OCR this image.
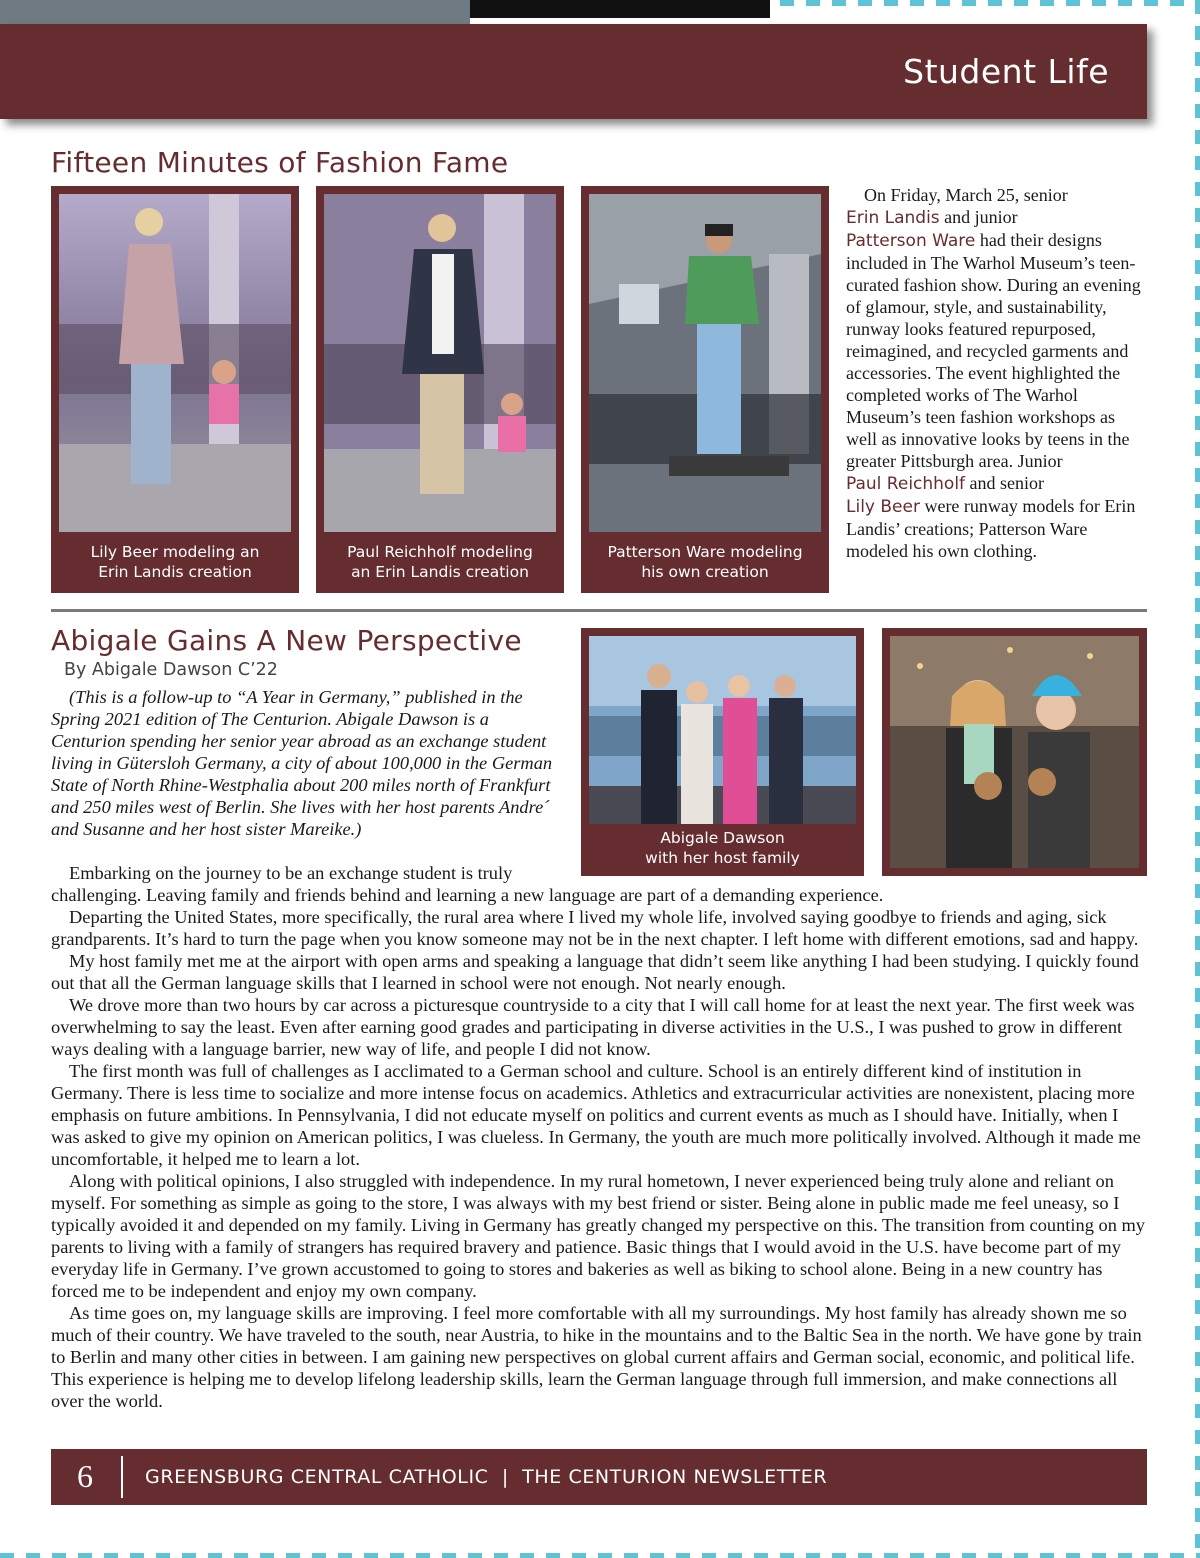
Student Life
Fifteen Minutes of Fashion Fame
Lily Beer modeling an
Erin Landis creation
Paul Reichholf modeling
an Erin Landis creation
Patterson Ware modeling
his own creation

On Friday, March 25, senior
Erin Landis and junior
Patterson Ware had their designs included in The Warhol Museum’s teen-curated fashion show. During an evening of glamour, style, and sustainability, runway looks featured repurposed, reimagined, and recycled garments and accessories. The event highlighted the completed works of The Warhol Museum’s teen fashion workshops as well as innovative looks by teens in the greater Pittsburgh area. Junior
Paul Reichholf and senior
Lily Beer were runway models for Erin Landis’ creations; Patterson Ware modeled his own clothing.

Abigale Gains A New Perspective
By Abigale Dawson C’22

(This is a follow-up to “A Year in Germany,” published in the Spring 2021 edition of The Centurion. Abigale Dawson is a Centurion spending her senior year abroad as an exchange student living in Gütersloh Germany, a city of about 100,000 in the German State of North Rhine-Westphalia about 200 miles north of Frankfurt and 250 miles west of Berlin. She lives with her host parents Andre´ and Susanne and her host sister Mareike.)	Abigale Dawson
with her host family

Embarking on the journey to be an exchange student is truly

challenging. Leaving family and friends behind and learning a new language are part of a demanding experience.

Departing the United States, more specifically, the rural area where I lived my whole life, involved saying goodbye to friends and aging, sick grandparents. It’s hard to turn the page when you know someone may not be in the next chapter. I left home with different emotions, sad and happy.

My host family met me at the airport with open arms and speaking a language that didn’t seem like anything I had been studying. I quickly found out that all the German language skills that I learned in school were not enough. Not nearly enough.

We drove more than two hours by car across a picturesque countryside to a city that I will call home for at least the next year. The first week was overwhelming to say the least. Even after earning good grades and participating in diverse activities in the U.S., I was pushed to grow in different ways dealing with a language barrier, new way of life, and people I did not know.

The first month was full of challenges as I acclimated to a German school and culture. School is an entirely different kind of institution in Germany. There is less time to socialize and more intense focus on academics. Athletics and extracurricular activities are nonexistent, placing more emphasis on future ambitions. In Pennsylvania, I did not educate myself on politics and current events as much as I should have. Initially, when I was asked to give my opinion on American politics, I was clueless. In Germany, the youth are much more politically involved. Although it made me uncomfortable, it helped me to learn a lot.

Along with political opinions, I also struggled with independence. In my rural hometown, I never experienced being truly alone and reliant on myself. For something as simple as going to the store, I was always with my best friend or sister. Being alone in public made me feel uneasy, so I typically avoided it and depended on my family. Living in Germany has greatly changed my perspective on this. The transition from counting on my parents to living with a family of strangers has required bravery and patience. Basic things that I would avoid in the U.S. have become part of my everyday life in Germany. I’ve grown accustomed to going to stores and bakeries as well as biking to school alone. Being in a new country has forced me to be independent and enjoy my own company.

As time goes on, my language skills are improving. I feel more comfortable with all my surroundings. My host family has already shown me so much of their country. We have traveled to the south, near Austria, to hike in the mountains and to the Baltic Sea in the north. We have gone by train to Berlin and many other cities in between. I am gaining new perspectives on global current affairs and German social, economic, and political life. This experience is helping me to develop lifelong leadership skills, learn the German language through full immersion, and make connections all over the world.

6	GREENSBURG CENTRAL CATHOLIC  |  THE CENTURION NEWSLETTER
